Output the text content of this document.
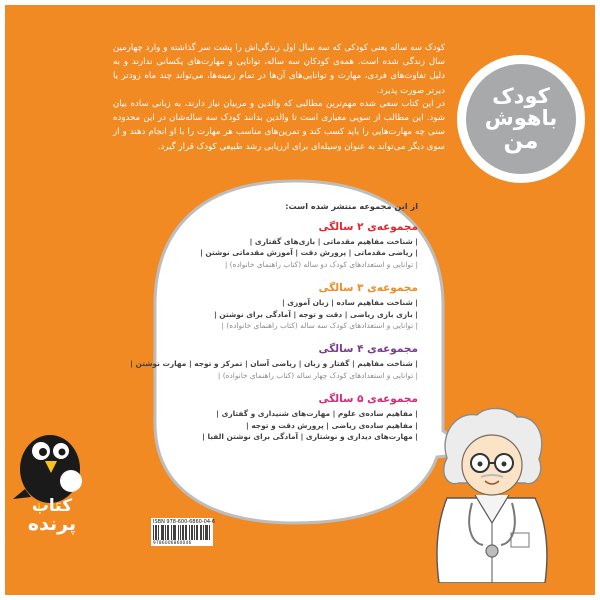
کودک سه ساله یعنی کودکی که سه سال اول زندگی‌اش را پشت سر گذاشته و وارد چهارمین سال زندگی شده است. همه‌ی کودکان سه ساله، توانایی و مهارت‌های یکسانی ندارند و به دلیل تفاوت‌های فردی، مهارت و توانایی‌های آن‌ها در تمام زمینه‌ها، می‌تواند چند ماه زودتر یا دیرتر صورت پذیرد.

در این کتاب سعی شده مهم‌ترین مطالبی که والدین و مربیان نیاز دارند، به زبانی ساده بیان شود. این مطالب از سویی معیاری است تا والدین بدانند کودک سه ساله‌شان در این محدوده سنی چه مهارت‌هایی را باید کسب کند و تمرین‌های مناسب هر مهارت را با او انجام دهند و از سوی دیگر می‌تواند به عنوان وسیله‌ای برای ارزیابی رشد طبیعی کودک قرار گیرد.

کودک
باهوش
من

از این مجموعه منتشر شده است:

مجموعه‌ی ۲ سالگی
| شناخت مفاهیم مقدماتی | بازی‌های گفتاری |
| ریاضی مقدماتی | پرورش دقت | آموزش مقدماتی نوشتن |
| توانایی و استعدادهای کودک دو ساله (کتاب راهنمای خانواده) |
مجموعه‌ی ۳ سالگی
| شناخت مفاهیم ساده | زبان آموزی |
| بازی بازی ریاضی | دقت و توجه | آمادگی برای نوشتن |
| توانایی و استعدادهای کودک سه ساله (کتاب راهنمای خانواده) |
مجموعه‌ی ۴ سالگی
| شناخت مفاهیم | گفتار و زبان | ریاضی آسان | تمرکز و توجه | مهارت نوشتن |
| توانایی و استعدادهای کودک چهار ساله (کتاب راهنمای خانواده) |
مجموعه‌ی ۵ سالگی
| مفاهیم ساده‌ی علوم | مهارت‌های شنیداری و گفتاری |
| مفاهیم ساده‌ی ریاضی | پرورش دقت و توجه |
| مهارت‌های دیداری و نوشتاری | آمادگی برای نوشتن الفبا |
کتاب
پرنده	ISBN 978-600-6860-04-6

9786006860046
